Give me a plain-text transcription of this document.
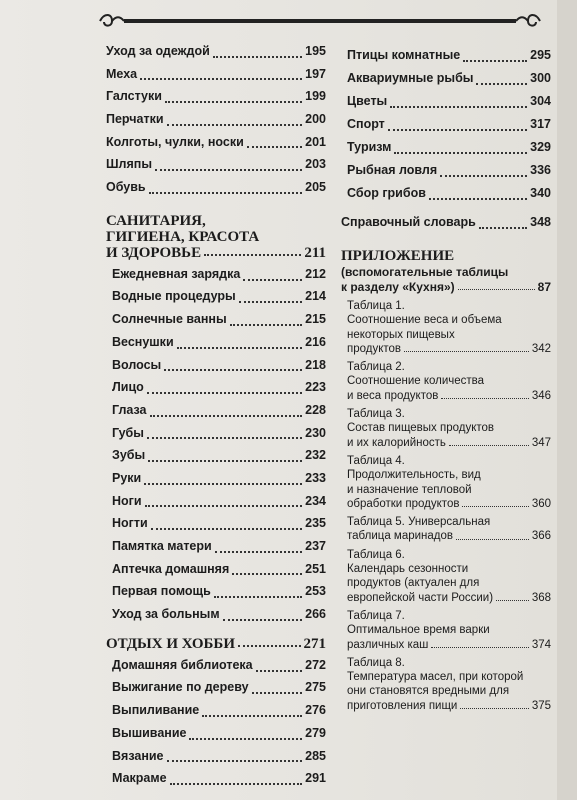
Уход за одеждой	195
Меха	197
Галстуки	199
Перчатки	200
Колготы, чулки, носки	201
Шляпы	203
Обувь	205
САНИТАРИЯ,
ГИГИЕНА, КРАСОТА
И ЗДОРОВЬЕ	211
Ежедневная зарядка	212
Водные процедуры	214
Солнечные ванны	215
Веснушки	216
Волосы	218
Лицо	223
Глаза	228
Губы	230
Зубы	232
Руки	233
Ноги	234
Ногти	235
Памятка матери	237
Аптечка домашняя	251
Первая помощь	253
Уход за больным	266
ОТДЫХ И ХОББИ	271
Домашняя библиотека	272
Выжигание по дереву	275
Выпиливание	276
Вышивание	279
Вязание	285
Макраме	291
Птицы комнатные	295
Аквариумные рыбы	300
Цветы	304
Спорт	317
Туризм	329
Рыбная ловля	336
Сбор грибов	340
Справочный словарь	348
ПРИЛОЖЕНИЕ
(вспомогательные таблицы
к разделу «Кухня»)	87
Таблица 1.
Соотношение веса и объема
некоторых пищевых
продуктов	342
Таблица 2.
Соотношение количества
и веса продуктов	346
Таблица 3.
Состав пищевых продуктов
и их калорийность	347
Таблица 4.
Продолжительность, вид
и назначение тепловой
обработки продуктов	360
Таблица 5. Универсальная
таблица маринадов	366
Таблица 6.
Календарь сезонности
продуктов (актуален для
европейской части России)	368
Таблица 7.
Оптимальное время варки
различных каш	374
Таблица 8.
Температура масел, при которой
они становятся вредными для
приготовления пищи	375
